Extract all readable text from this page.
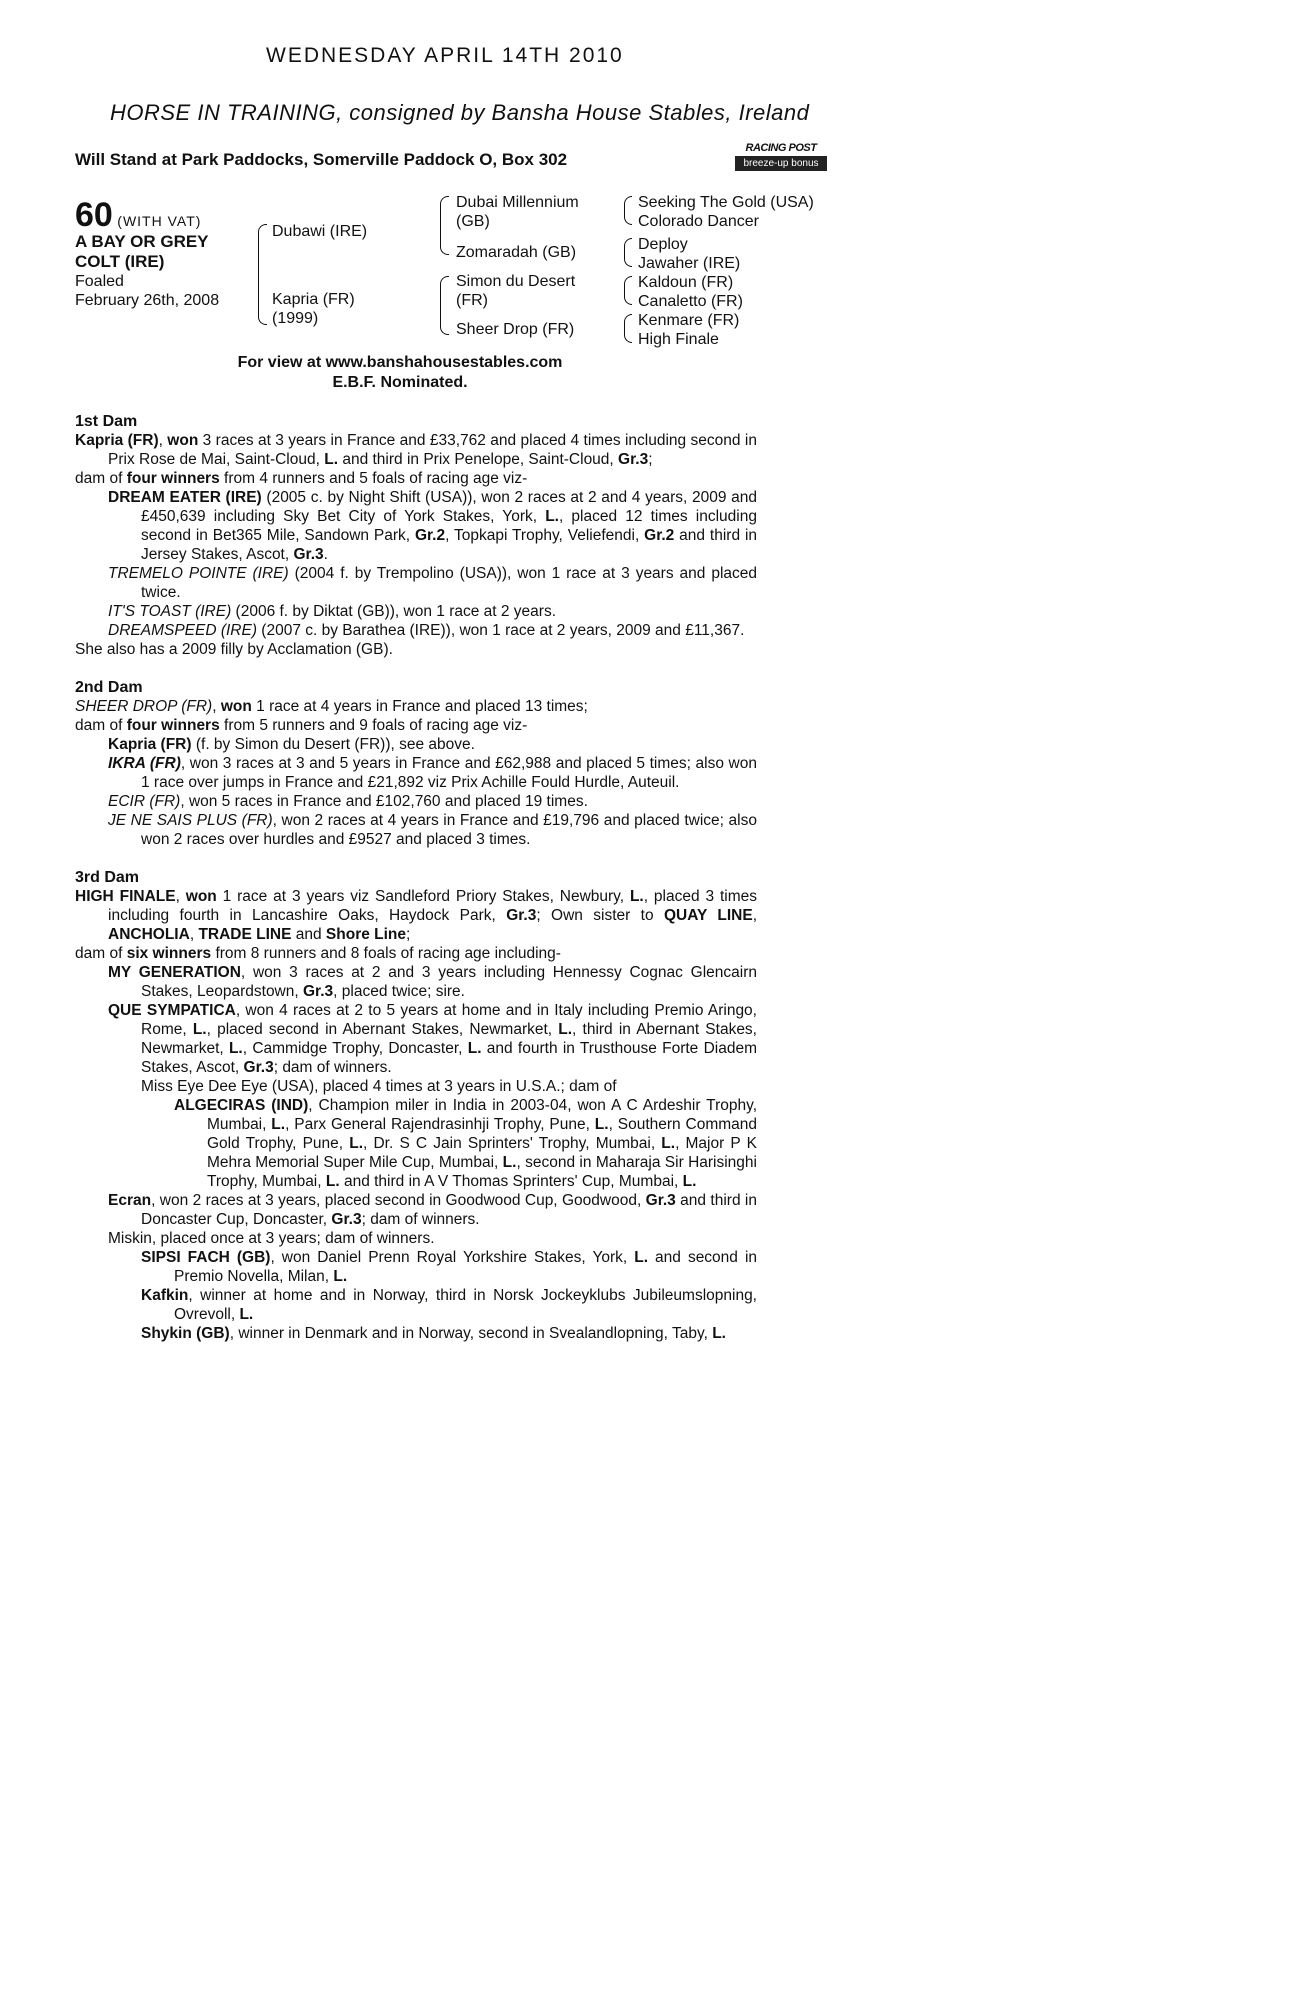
WEDNESDAY APRIL 14TH 2010
HORSE IN TRAINING, consigned by Bansha House Stables, Ireland
Will Stand at Park Paddocks, Somerville Paddock O, Box 302
RACING POST
breeze-up bonus
60 (WITH VAT)
A BAY OR GREY
COLT (IRE)
Foaled
February 26th, 2008
Dubawi (IRE)
Kapria (FR)
(1999)
Dubai Millennium
(GB)
Zomaradah (GB)
Simon du Desert
(FR)
Sheer Drop (FR)
Seeking The Gold (USA)
Colorado Dancer
Deploy
Jawaher (IRE)
Kaldoun (FR)
Canaletto (FR)
Kenmare (FR)
High Finale
For view at www.banshahousestables.com
E.B.F. Nominated.

1st Dam

Kapria (FR), won 3 races at 3 years in France and £33,762 and placed 4 times including second in Prix Rose de Mai, Saint-Cloud, L. and third in Prix Penelope, Saint-Cloud, Gr.3;

dam of four winners from 4 runners and 5 foals of racing age viz-

DREAM EATER (IRE) (2005 c. by Night Shift (USA)), won 2 races at 2 and 4 years, 2009 and £450,639 including Sky Bet City of York Stakes, York, L., placed 12 times including second in Bet365 Mile, Sandown Park, Gr.2, Topkapi Trophy, Veliefendi, Gr.2 and third in Jersey Stakes, Ascot, Gr.3.

TREMELO POINTE (IRE) (2004 f. by Trempolino (USA)), won 1 race at 3 years and placed twice.

IT'S TOAST (IRE) (2006 f. by Diktat (GB)), won 1 race at 2 years.

DREAMSPEED (IRE) (2007 c. by Barathea (IRE)), won 1 race at 2 years, 2009 and £11,367.

She also has a 2009 filly by Acclamation (GB).

2nd Dam

SHEER DROP (FR), won 1 race at 4 years in France and placed 13 times;

dam of four winners from 5 runners and 9 foals of racing age viz-

Kapria (FR) (f. by Simon du Desert (FR)), see above.

IKRA (FR), won 3 races at 3 and 5 years in France and £62,988 and placed 5 times; also won 1 race over jumps in France and £21,892 viz Prix Achille Fould Hurdle, Auteuil.

ECIR (FR), won 5 races in France and £102,760 and placed 19 times.

JE NE SAIS PLUS (FR), won 2 races at 4 years in France and £19,796 and placed twice; also won 2 races over hurdles and £9527 and placed 3 times.

3rd Dam

HIGH FINALE, won 1 race at 3 years viz Sandleford Priory Stakes, Newbury, L., placed 3 times including fourth in Lancashire Oaks, Haydock Park, Gr.3; Own sister to QUAY LINE, ANCHOLIA, TRADE LINE and Shore Line;

dam of six winners from 8 runners and 8 foals of racing age including-

MY GENERATION, won 3 races at 2 and 3 years including Hennessy Cognac Glencairn Stakes, Leopardstown, Gr.3, placed twice; sire.

QUE SYMPATICA, won 4 races at 2 to 5 years at home and in Italy including Premio Aringo, Rome, L., placed second in Abernant Stakes, Newmarket, L., third in Abernant Stakes, Newmarket, L., Cammidge Trophy, Doncaster, L. and fourth in Trusthouse Forte Diadem Stakes, Ascot, Gr.3; dam of winners.

Miss Eye Dee Eye (USA), placed 4 times at 3 years in U.S.A.; dam of

ALGECIRAS (IND), Champion miler in India in 2003-04, won A C Ardeshir Trophy, Mumbai, L., Parx General Rajendrasinhji Trophy, Pune, L., Southern Command Gold Trophy, Pune, L., Dr. S C Jain Sprinters' Trophy, Mumbai, L., Major P K Mehra Memorial Super Mile Cup, Mumbai, L., second in Maharaja Sir Harisinghi Trophy, Mumbai, L. and third in A V Thomas Sprinters' Cup, Mumbai, L.

Ecran, won 2 races at 3 years, placed second in Goodwood Cup, Goodwood, Gr.3 and third in Doncaster Cup, Doncaster, Gr.3; dam of winners.

Miskin, placed once at 3 years; dam of winners.

SIPSI FACH (GB), won Daniel Prenn Royal Yorkshire Stakes, York, L. and second in Premio Novella, Milan, L.

Kafkin, winner at home and in Norway, third in Norsk Jockeyklubs Jubileumslopning, Ovrevoll, L.

Shykin (GB), winner in Denmark and in Norway, second in Svealandlopning, Taby, L.
